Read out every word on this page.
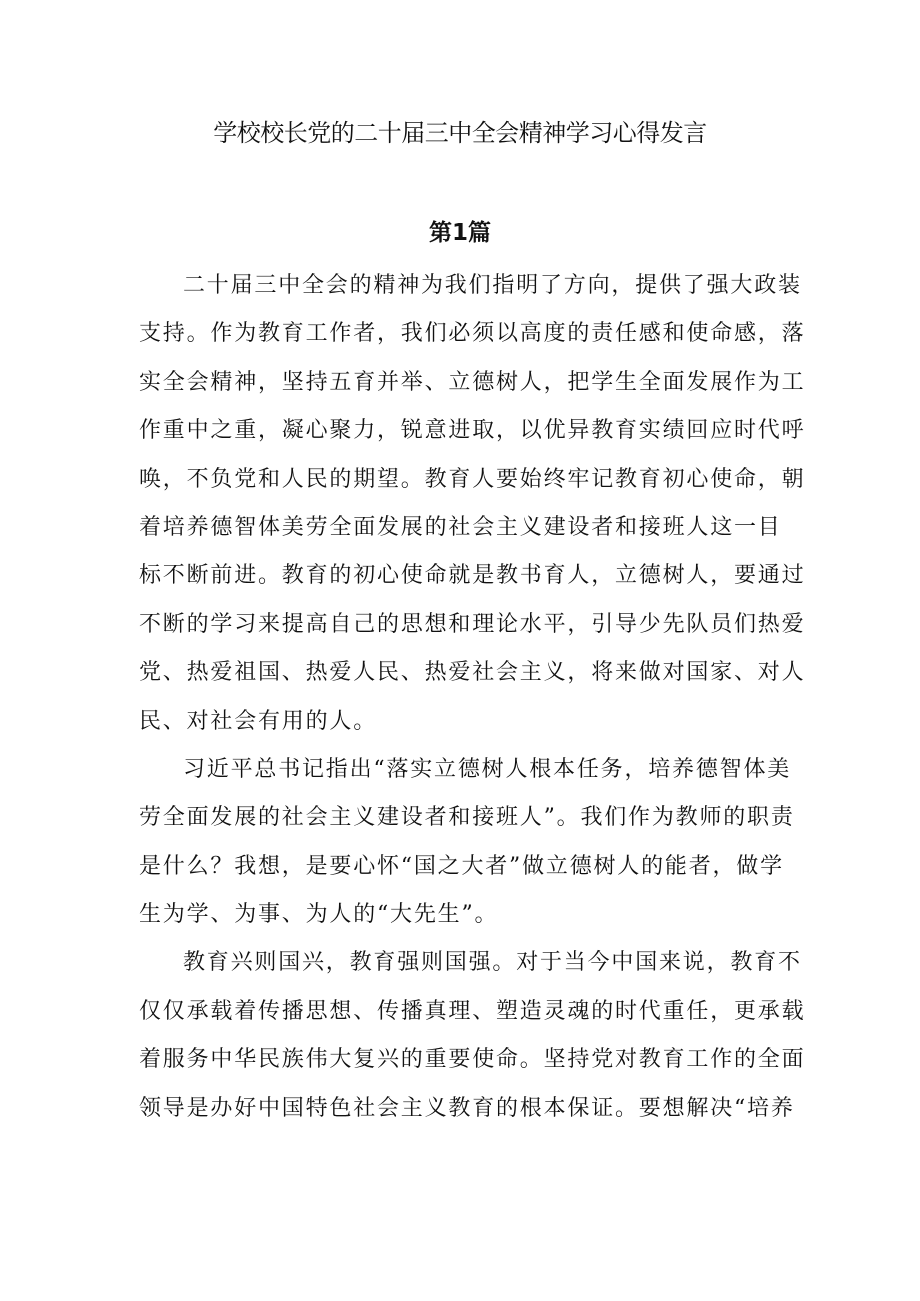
学校校长党的二十届三中全会精神学习心得发言
第1篇
二十届三中全会的精神为我们指明了方向，提供了强大政装
支持。作为教育工作者，我们必须以高度的责任感和使命感，落
实全会精神，坚持五育并举、立德树人，把学生全面发展作为工
作重中之重，凝心聚力，锐意进取，以优异教育实绩回应时代呼
唤，不负党和人民的期望。教育人要始终牢记教育初心使命，朝
着培养德智体美劳全面发展的社会主义建设者和接班人这一目
标不断前进。教育的初心使命就是教书育人，立德树人，要通过
不断的学习来提高自己的思想和理论水平，引导少先队员们热爱
党、热爱祖国、热爱人民、热爱社会主义，将来做对国家、对人
民、对社会有用的人。
习近平总书记指出“落实立德树人根本任务，培养德智体美
劳全面发展的社会主义建设者和接班人”。我们作为教师的职责
是什么？我想，是要心怀“国之大者”做立德树人的能者，做学
生为学、为事、为人的“大先生”。
教育兴则国兴，教育强则国强。对于当今中国来说，教育不
仅仅承载着传播思想、传播真理、塑造灵魂的时代重任，更承载
着服务中华民族伟大复兴的重要使命。坚持党对教育工作的全面
领导是办好中国特色社会主义教育的根本保证。要想解决“培养
